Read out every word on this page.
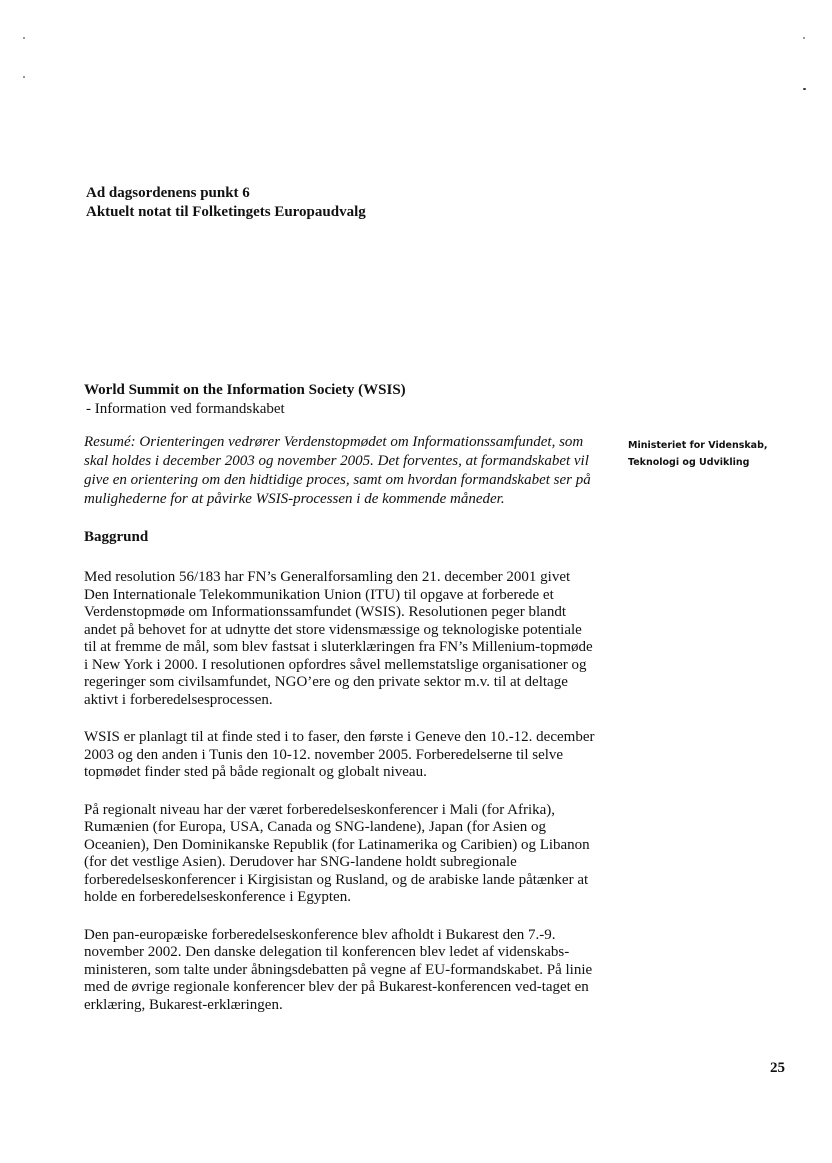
Ad dagsordenens punkt 6

Aktuelt notat til Folketingets Europaudvalg

World Summit on the Information Society (WSIS)

- Information ved formandskabet

Resumé: Orienteringen vedrører Verdenstopmødet om Informationssamfundet, som skal holdes i december 2003 og november 2005. Det forventes, at formandskabet vil give en orientering om den hidtidige proces, samt om hvordan formandskabet ser på mulighederne for at påvirke WSIS-processen i de kommende måneder.

Baggrund

Med resolution 56/183 har FN’s Generalforsamling den 21. december 2001 givet Den Internationale Telekommunikation Union (ITU) til opgave at forberede et Verdenstopmøde om Informationssamfundet (WSIS). Resolutionen peger blandt andet på behovet for at udnytte det store vidensmæssige og teknologiske potentiale til at fremme de mål, som blev fastsat i sluterklæringen fra FN’s Millenium-topmøde i New York i 2000. I resolutionen opfordres såvel mellemstatslige organisationer og regeringer som civilsamfundet, NGO’ere og den private sektor m.v. til at deltage aktivt i forberedelsesprocessen.

WSIS er planlagt til at finde sted i to faser, den første i Geneve den 10.-12. december 2003 og den anden i Tunis den 10-12. november 2005. Forberedelserne til selve topmødet finder sted på både regionalt og globalt niveau.

På regionalt niveau har der været forberedelseskonferencer i Mali (for Afrika), Rumænien (for Europa, USA, Canada og SNG-landene), Japan (for Asien og Oceanien), Den Dominikanske Republik (for Latinamerika og Caribien) og Libanon (for det vestlige Asien). Derudover har SNG-landene holdt subregionale forberedelseskonferencer i Kirgisistan og Rusland, og de arabiske lande påtænker at holde en forberedelseskonference i Egypten.

Den pan-europæiske forberedelseskonference blev afholdt i Bukarest den 7.-9. november 2002. Den danske delegation til konferencen blev ledet af videnskabs-ministeren, som talte under åbningsdebatten på vegne af EU-formandskabet. På linie med de øvrige regionale konferencer blev der på Bukarest-konferencen ved-taget en erklæring, Bukarest-erklæringen.

Ministeriet for Videnskab,
Teknologi og Udvikling
25
